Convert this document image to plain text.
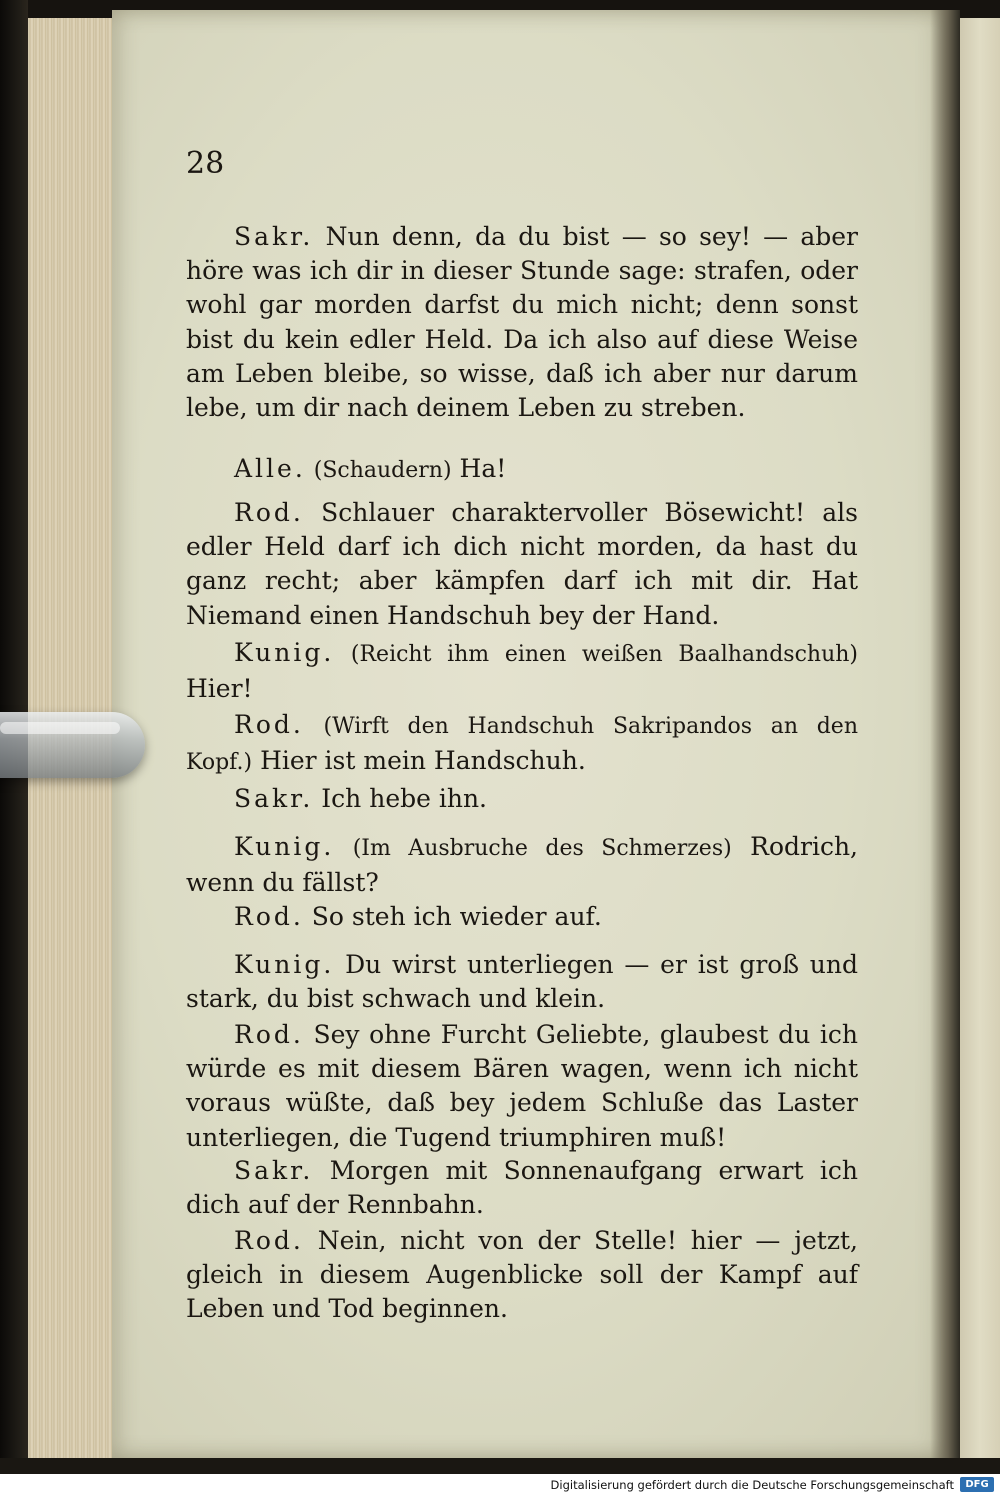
28

Sakr. Nun denn, da du bist — so sey! — aber höre was ich dir in dieser Stunde sage: strafen, oder wohl gar morden darfst du mich nicht; denn sonst bist du kein edler Held. Da ich also auf diese Weise am Leben bleibe, so wisse, daß ich aber nur darum lebe, um dir nach deinem Leben zu streben.

Alle. (Schaudern) Ha!

Rod. Schlauer charaktervoller Bösewicht! als edler Held darf ich dich nicht morden, da hast du ganz recht; aber kämpfen darf ich mit dir. Hat Niemand einen Handschuh bey der Hand.

Kunig. (Reicht ihm einen weißen Baalhandschuh) Hier!

Rod. (Wirft den Handschuh Sakripandos an den Kopf.) Hier ist mein Handschuh.

Sakr. Ich hebe ihn.

Kunig. (Im Ausbruche des Schmerzes) Rodrich, wenn du fällst?

Rod. So steh ich wieder auf.

Kunig. Du wirst unterliegen — er ist groß und stark, du bist schwach und klein.

Rod. Sey ohne Furcht Geliebte, glaubest du ich würde es mit diesem Bären wagen, wenn ich nicht voraus wüßte, daß bey jedem Schluße das Laster unterliegen, die Tugend triumphiren muß!

Sakr. Morgen mit Sonnenaufgang erwart ich dich auf der Rennbahn.

Rod. Nein, nicht von der Stelle! hier — jetzt, gleich in diesem Augenblicke soll der Kampf auf Leben und Tod beginnen.

Digitalisierung gefördert durch die Deutsche Forschungsgemeinschaft	DFG
